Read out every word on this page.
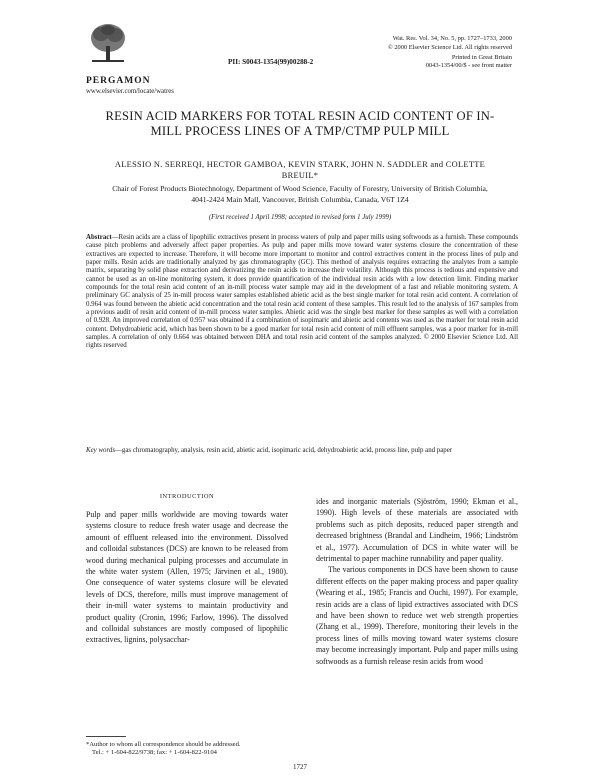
PERGAMON

www.elsevier.com/locate/watres

PII: S0043-1354(99)00288-2

Wat. Res. Vol. 34, No. 5, pp. 1727–1733, 2000

© 2000 Elsevier Science Ltd. All rights reserved

Printed in Great Britain

0043-1354/00/$ - see front matter

RESIN ACID MARKERS FOR TOTAL RESIN ACID CONTENT OF IN-MILL PROCESS LINES OF A TMP/CTMP PULP MILL

ALESSIO N. SERREQI, HECTOR GAMBOA, KEVIN STARK, JOHN N. SADDLER and COLETTE BREUIL*

Chair of Forest Products Biotechnology, Department of Wood Science, Faculty of Forestry, University of British Columbia, 4041-2424 Main Mall, Vancouver, British Columbia, Canada, V6T 1Z4

(First received 1 April 1998; accepted in revised form 1 July 1999)

Abstract—Resin acids are a class of lipophilic extractives present in process waters of pulp and paper mills using softwoods as a furnish. These compounds cause pitch problems and adversely affect paper properties. As pulp and paper mills move toward water systems closure the concentration of these extractives are expected to increase. Therefore, it will become more important to monitor and control extractives content in the process lines of pulp and paper mills. Resin acids are traditionally analyzed by gas chromatography (GC). This method of analysis requires extracting the analytes from a sample matrix, separating by solid phase extraction and derivatizing the resin acids to increase their volatility. Although this process is tedious and expensive and cannot be used as an on-line monitoring system, it does provide quantification of the individual resin acids with a low detection limit. Finding marker compounds for the total resin acid content of an in-mill process water sample may aid in the development of a fast and reliable monitoring system. A preliminary GC analysis of 25 in-mill process water samples established abietic acid as the best single marker for total resin acid content. A correlation of 0.964 was found between the abietic acid concentration and the total resin acid content of these samples. This result led to the analysis of 167 samples from a previous audit of resin acid content of in-mill process water samples. Abietic acid was the single best marker for these samples as well with a correlation of 0.928. An improved correlation of 0.957 was obtained if a combination of isopimaric and abietic acid contents was used as the marker for total resin acid content. Dehydroabietic acid, which has been shown to be a good marker for total resin acid content of mill effluent samples, was a poor marker for in-mill samples. A correlation of only 0.664 was obtained between DHA and total resin acid content of the samples analyzed. © 2000 Elsevier Science Ltd. All rights reserved

Key words—gas chromatography, analysis, resin acid, abietic acid, isopimaric acid, dehydroabietic acid, process line, pulp and paper

INTRODUCTION

Pulp and paper mills worldwide are moving towards water systems closure to reduce fresh water usage and decrease the amount of effluent released into the environment. Dissolved and colloidal substances (DCS) are known to be released from wood during mechanical pulping processes and accumulate in the white water system (Allen, 1975; Järvinen et al., 1980). One consequence of water systems closure will be elevated levels of DCS, therefore, mills must improve management of their in-mill water systems to maintain productivity and product quality (Cronin, 1996; Farlow, 1996). The dissolved and colloidal substances are mostly composed of lipophilic extractives, lignins, polysacchar-

ides and inorganic materials (Sjöström, 1990; Ekman et al., 1990). High levels of these materials are associated with problems such as pitch deposits, reduced paper strength and decreased brightness (Brandal and Lindheim, 1966; Lindström et al., 1977). Accumulation of DCS in white water will be detrimental to paper machine runnability and paper quality.

The various components in DCS have been shown to cause different effects on the paper making process and paper quality (Wearing et al., 1985; Francis and Ouchi, 1997). For example, resin acids are a class of lipid extractives associated with DCS and have been shown to reduce wet web strength properties (Zhang et al., 1999). Therefore, monitoring their levels in the process lines of mills moving toward water systems closure may become increasingly important. Pulp and paper mills using softwoods as a furnish release resin acids from wood

*Author to whom all correspondence should be addressed.
Tel.: + 1-604-822/9738; fax: + 1-604-822-9104

1727
